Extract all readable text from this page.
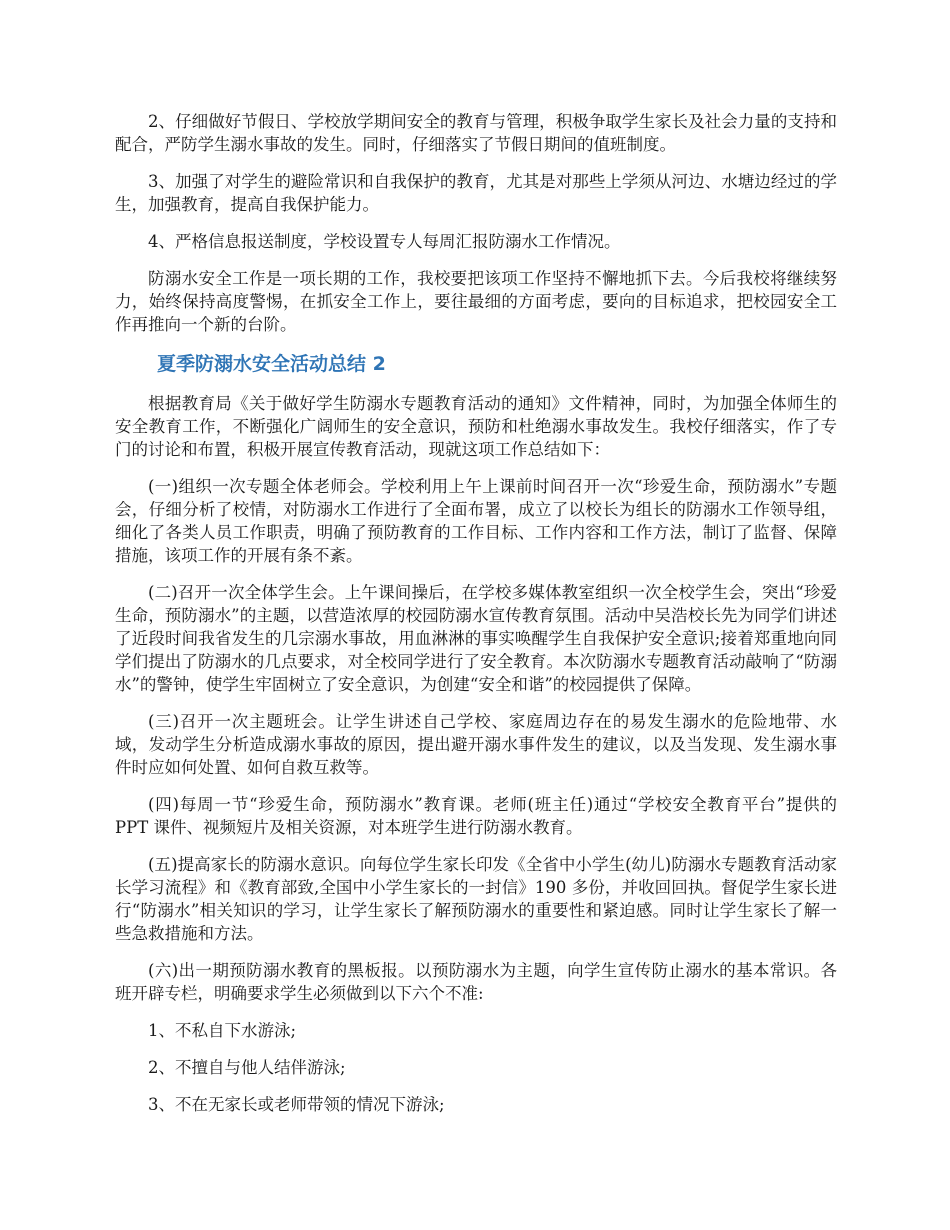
2、仔细做好节假日、学校放学期间安全的教育与管理，积极争取学生家长及社会力量的支持和配合，严防学生溺水事故的发生。同时，仔细落实了节假日期间的值班制度。

3、加强了对学生的避险常识和自我保护的教育，尤其是对那些上学须从河边、水塘边经过的学生，加强教育，提高自我保护能力。

4、严格信息报送制度，学校设置专人每周汇报防溺水工作情况。

防溺水安全工作是一项长期的工作，我校要把该项工作坚持不懈地抓下去。今后我校将继续努力，始终保持高度警惕，在抓安全工作上，要往最细的方面考虑，要向的目标追求，把校园安全工作再推向一个新的台阶。

夏季防溺水安全活动总结 2

根据教育局《关于做好学生防溺水专题教育活动的通知》文件精神，同时，为加强全体师生的安全教育工作，不断强化广阔师生的安全意识，预防和杜绝溺水事故发生。我校仔细落实，作了专门的讨论和布置，积极开展宣传教育活动，现就这项工作总结如下：

(一)组织一次专题全体老师会。学校利用上午上课前时间召开一次“珍爱生命，预防溺水”专题会，仔细分析了校情，对防溺水工作进行了全面布署，成立了以校长为组长的防溺水工作领导组，细化了各类人员工作职责，明确了预防教育的工作目标、工作内容和工作方法，制订了监督、保障措施，该项工作的开展有条不紊。

(二)召开一次全体学生会。上午课间操后，在学校多媒体教室组织一次全校学生会，突出“珍爱生命，预防溺水”的主题，以营造浓厚的校园防溺水宣传教育氛围。活动中吴浩校长先为同学们讲述了近段时间我省发生的几宗溺水事故，用血淋淋的事实唤醒学生自我保护安全意识;接着郑重地向同学们提出了防溺水的几点要求，对全校同学进行了安全教育。本次防溺水专题教育活动敲响了“防溺水”的警钟，使学生牢固树立了安全意识，为创建“安全和谐”的校园提供了保障。

(三)召开一次主题班会。让学生讲述自己学校、家庭周边存在的易发生溺水的危险地带、水域，发动学生分析造成溺水事故的原因，提出避开溺水事件发生的建议，以及当发现、发生溺水事件时应如何处置、如何自救互救等。

(四)每周一节“珍爱生命，预防溺水”教育课。老师(班主任)通过“学校安全教育平台”提供的 PPT 课件、视频短片及相关资源，对本班学生进行防溺水教育。

(五)提高家长的防溺水意识。向每位学生家长印发《全省中小学生(幼儿)防溺水专题教育活动家长学习流程》和《教育部致,全国中小学生家长的一封信》190 多份，并收回回执。督促学生家长进行“防溺水”相关知识的学习，让学生家长了解预防溺水的重要性和紧迫感。同时让学生家长了解一些急救措施和方法。

(六)出一期预防溺水教育的黑板报。以预防溺水为主题，向学生宣传防止溺水的基本常识。各班开辟专栏，明确要求学生必须做到以下六个不准:

1、不私自下水游泳;

2、不擅自与他人结伴游泳;

3、不在无家长或老师带领的情况下游泳;
